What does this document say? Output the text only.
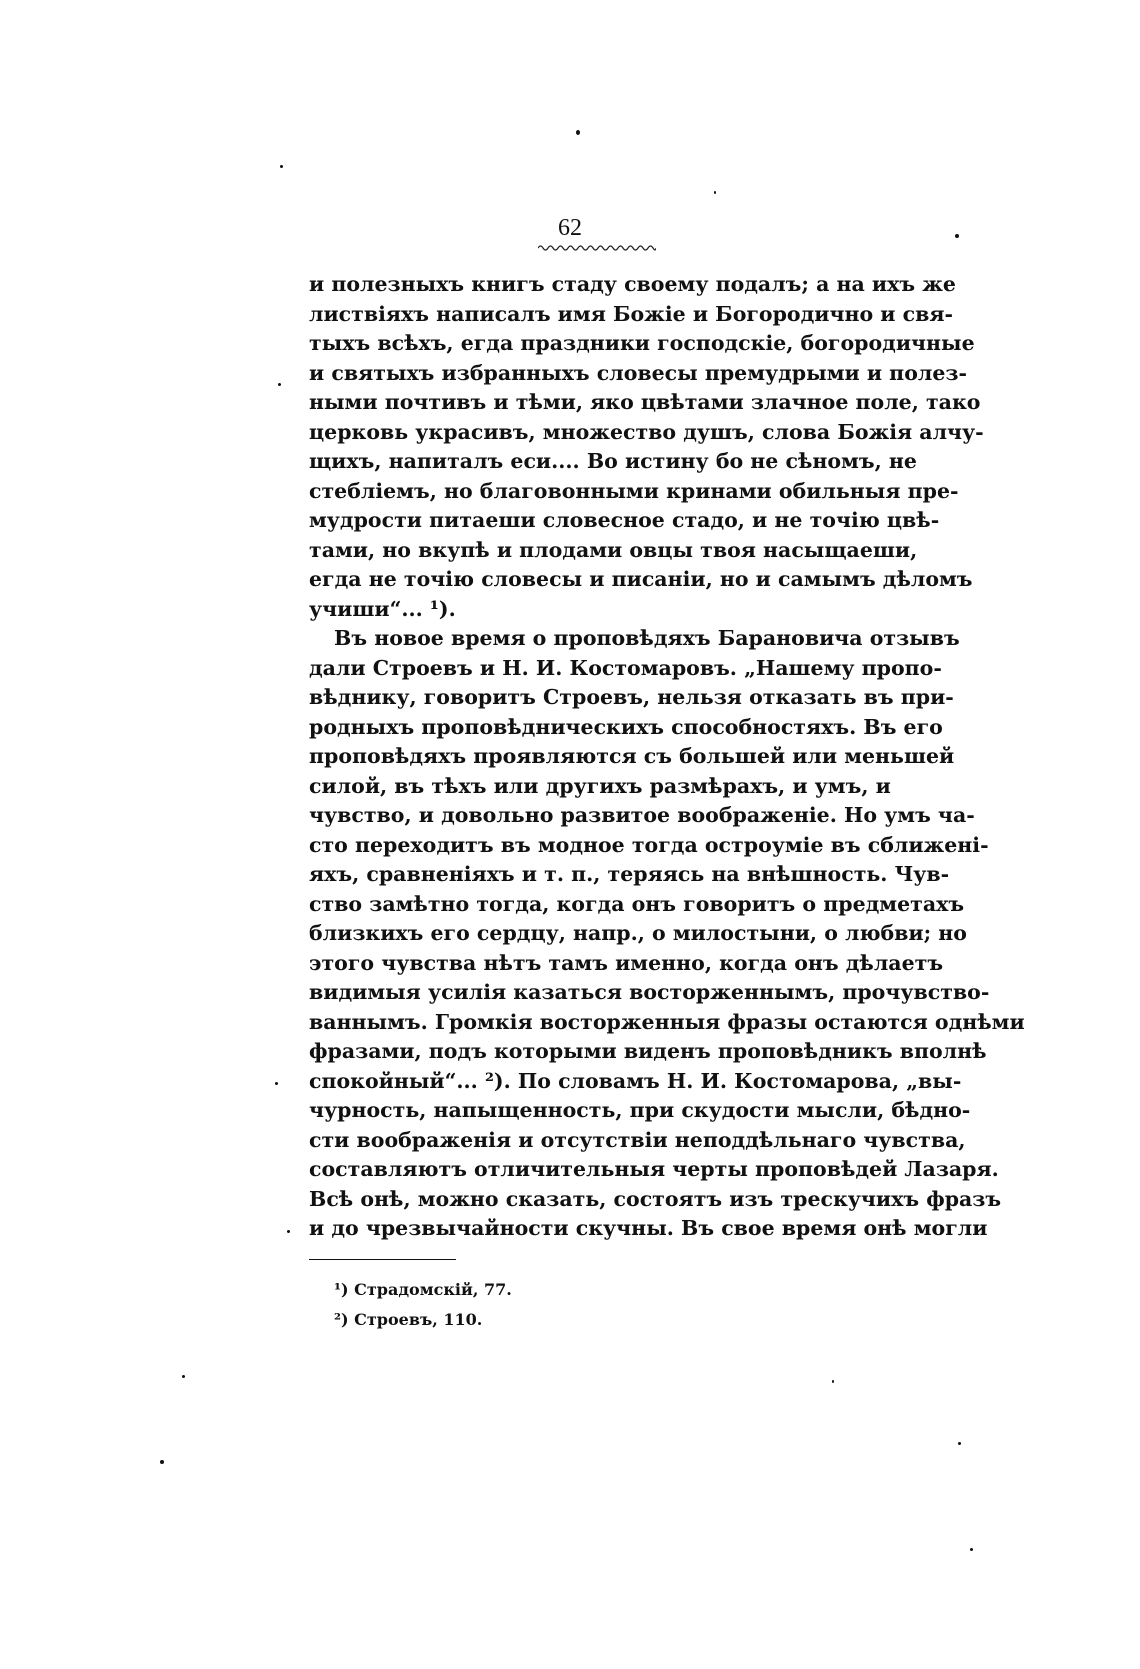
62
и полезныхъ книгъ стаду своему подалъ; а на ихъ же
листвіяхъ написалъ имя Божіе и Богородично и свя-
тыхъ всѣхъ, егда праздники господскіе, богородичные
и святыхъ избранныхъ словесы премудрыми и полез-
ными почтивъ и тѣми, яко цвѣтами злачное поле, тако
церковь украсивъ, множество душъ, слова Божія алчу-
щихъ, напиталъ еси.... Во истину бо не сѣномъ, не
стебліемъ, но благовонными кринами обильныя пре-
мудрости питаеши словесное стадо, и не точію цвѣ-
тами, но вкупѣ и плодами овцы твоя насыщаеши,
егда не точію словесы и писаніи, но и самымъ дѣломъ
учиши“... ¹).
Въ новое время о проповѣдяхъ Барановича отзывъ
дали Строевъ и Н. И. Костомаровъ. „Нашему пропо-
вѣднику, говоритъ Строевъ, нельзя отказать въ при-
родныхъ проповѣдническихъ способностяхъ. Въ его
проповѣдяхъ проявляются съ большей или меньшей
силой, въ тѣхъ или другихъ размѣрахъ, и умъ, и
чувство, и довольно развитое воображеніе. Но умъ ча-
сто переходитъ въ модное тогда остроуміе въ сближені-
яхъ, сравненіяхъ и т. п., теряясь на внѣшность. Чув-
ство замѣтно тогда, когда онъ говоритъ о предметахъ
близкихъ его сердцу, напр., о милостыни, о любви; но
этого чувства нѣтъ тамъ именно, когда онъ дѣлаетъ
видимыя усилія казаться восторженнымъ, прочувство-
ваннымъ. Громкія восторженныя фразы остаются однѣми
фразами, подъ которыми виденъ проповѣдникъ вполнѣ
спокойный“... ²). По словамъ Н. И. Костомарова, „вы-
чурность, напыщенность, при скудости мысли, бѣдно-
сти воображенія и отсутствіи неподдѣльнаго чувства,
составляютъ отличительныя черты проповѣдей Лазаря.
Всѣ онѣ, можно сказать, состоятъ изъ трескучихъ фразъ
и до чрезвычайности скучны. Въ свое время онѣ могли
¹) Страдомскій, 77.
²) Строевъ, 110.
